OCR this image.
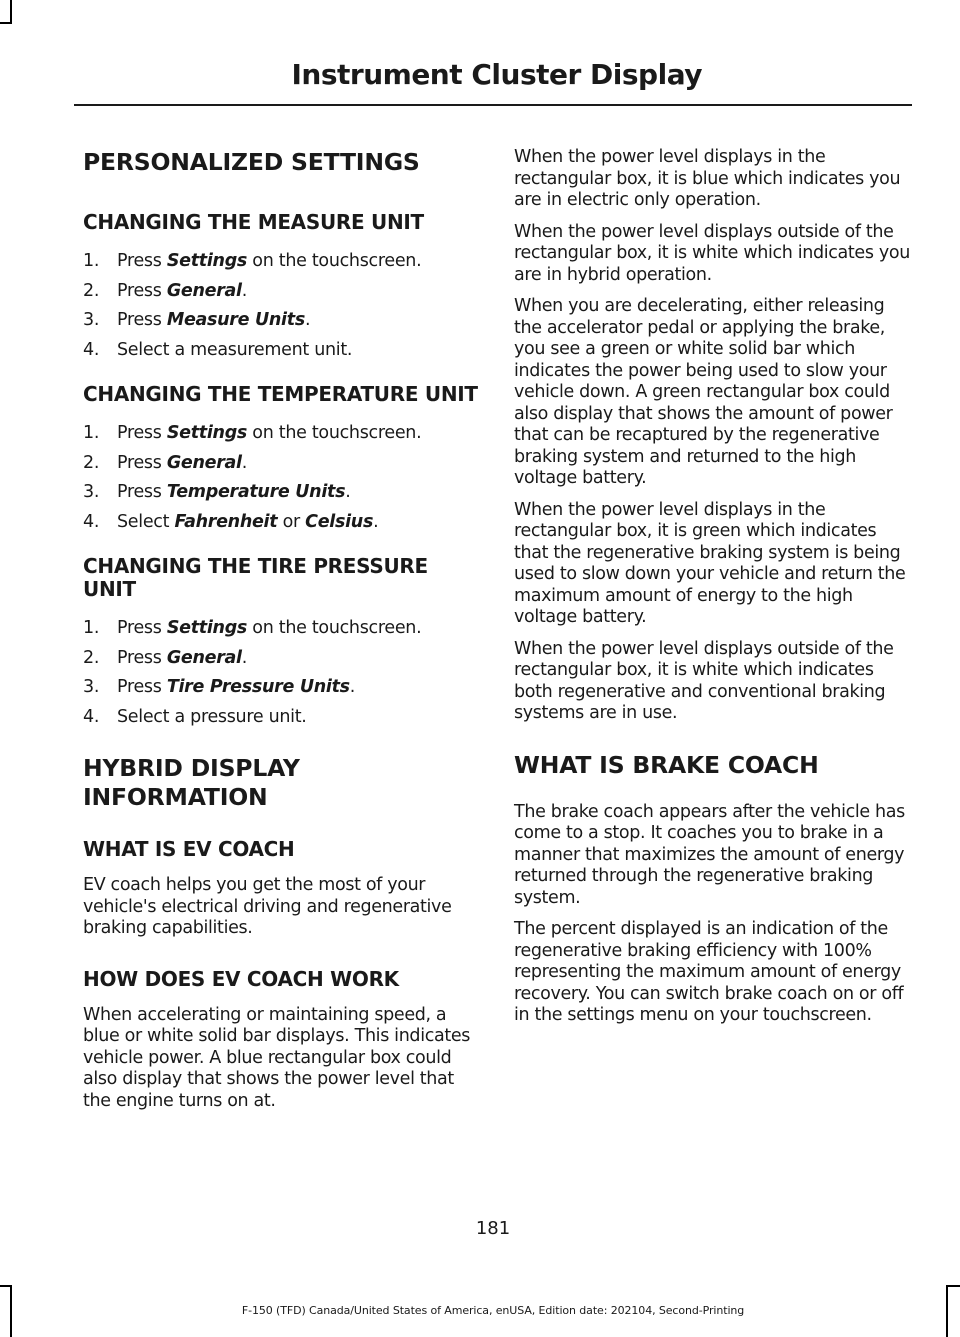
Instrument Cluster Display
PERSONALIZED SETTINGS
CHANGING THE MEASURE UNIT
1.	Press Settings on the touchscreen.
2.	Press General.
3.	Press Measure Units.
4.	Select a measurement unit.
CHANGING THE TEMPERATURE UNIT
1.	Press Settings on the touchscreen.
2.	Press General.
3.	Press Temperature Units.
4.	Select Fahrenheit or Celsius.
CHANGING THE TIRE PRESSURE UNIT
1.	Press Settings on the touchscreen.
2.	Press General.
3.	Press Tire Pressure Units.
4.	Select a pressure unit.
HYBRID DISPLAY
INFORMATION
WHAT IS EV COACH

EV coach helps you get the most of your vehicle's electrical driving and regenerative braking capabilities.

HOW DOES EV COACH WORK

When accelerating or maintaining speed, a blue or white solid bar displays. This indicates vehicle power. A blue rectangular box could also display that shows the power level that the engine turns on at.

When the power level displays in the rectangular box, it is blue which indicates you are in electric only operation.

When the power level displays outside of the rectangular box, it is white which indicates you are in hybrid operation.

When you are decelerating, either releasing the accelerator pedal or applying the brake, you see a green or white solid bar which indicates the power being used to slow your vehicle down. A green rectangular box could also display that shows the amount of power that can be recaptured by the regenerative braking system and returned to the high voltage battery.

When the power level displays in the rectangular box, it is green which indicates that the regenerative braking system is being used to slow down your vehicle and return the maximum amount of energy to the high voltage battery.

When the power level displays outside of the rectangular box, it is white which indicates both regenerative and conventional braking systems are in use.

WHAT IS BRAKE COACH

The brake coach appears after the vehicle has come to a stop. It coaches you to brake in a manner that maximizes the amount of energy returned through the regenerative braking system.

The percent displayed is an indication of the regenerative braking efficiency with 100% representing the maximum amount of energy recovery. You can switch brake coach on or off in the settings menu on your touchscreen.

181
F-150 (TFD) Canada/United States of America, enUSA, Edition date: 202104, Second-Printing
